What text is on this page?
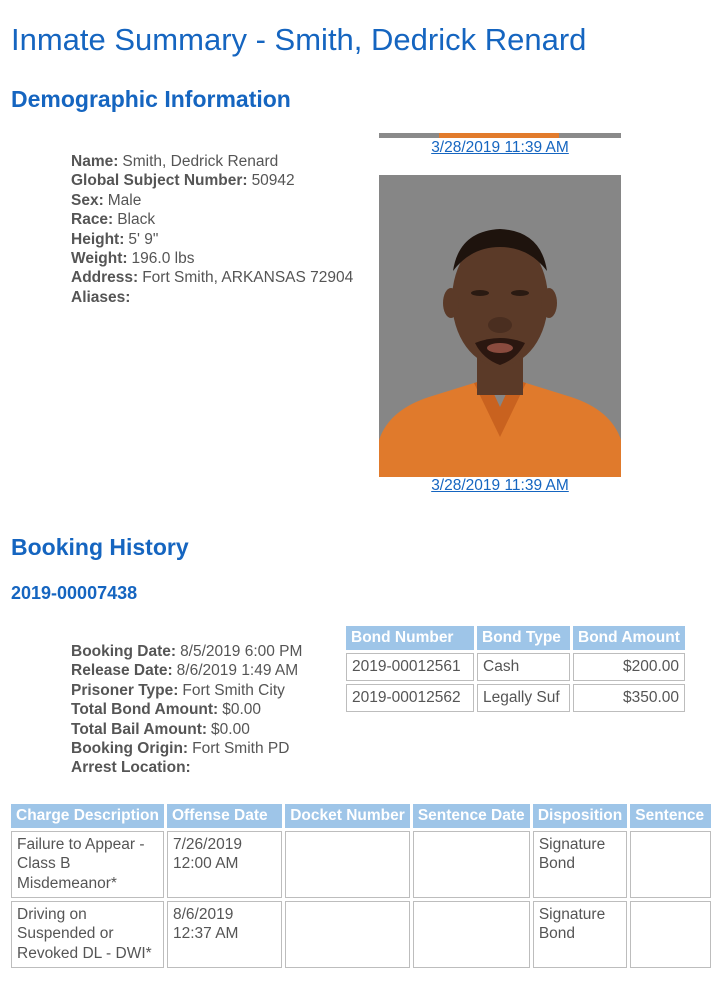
Inmate Summary - Smith, Dedrick Renard
Demographic Information
Name: Smith, Dedrick Renard
Global Subject Number: 50942
Sex: Male
Race: Black
Height: 5' 9"
Weight: 196.0 lbs
Address: Fort Smith, ARKANSAS 72904
Aliases:
3/28/2019 11:39 AM
3/28/2019 11:39 AM
Booking History
2019-00007438
Booking Date: 8/5/2019 6:00 PM
Release Date: 8/6/2019 1:49 AM
Prisoner Type: Fort Smith City
Total Bond Amount: $0.00
Total Bail Amount: $0.00
Booking Origin: Fort Smith PD
Arrest Location:
Bond Number	Bond Type	Bond Amount
2019-00012561	Cash	$200.00
2019-00012562	Legally Suf	$350.00
Charge Description	Offense Date	Docket Number	Sentence Date	Disposition	Sentence
Failure to Appear - Class B Misdemeanor*	7/26/2019 12:00 AM			Signature Bond	
Driving on Suspended or Revoked DL - DWI*	8/6/2019 12:37 AM			Signature Bond	
